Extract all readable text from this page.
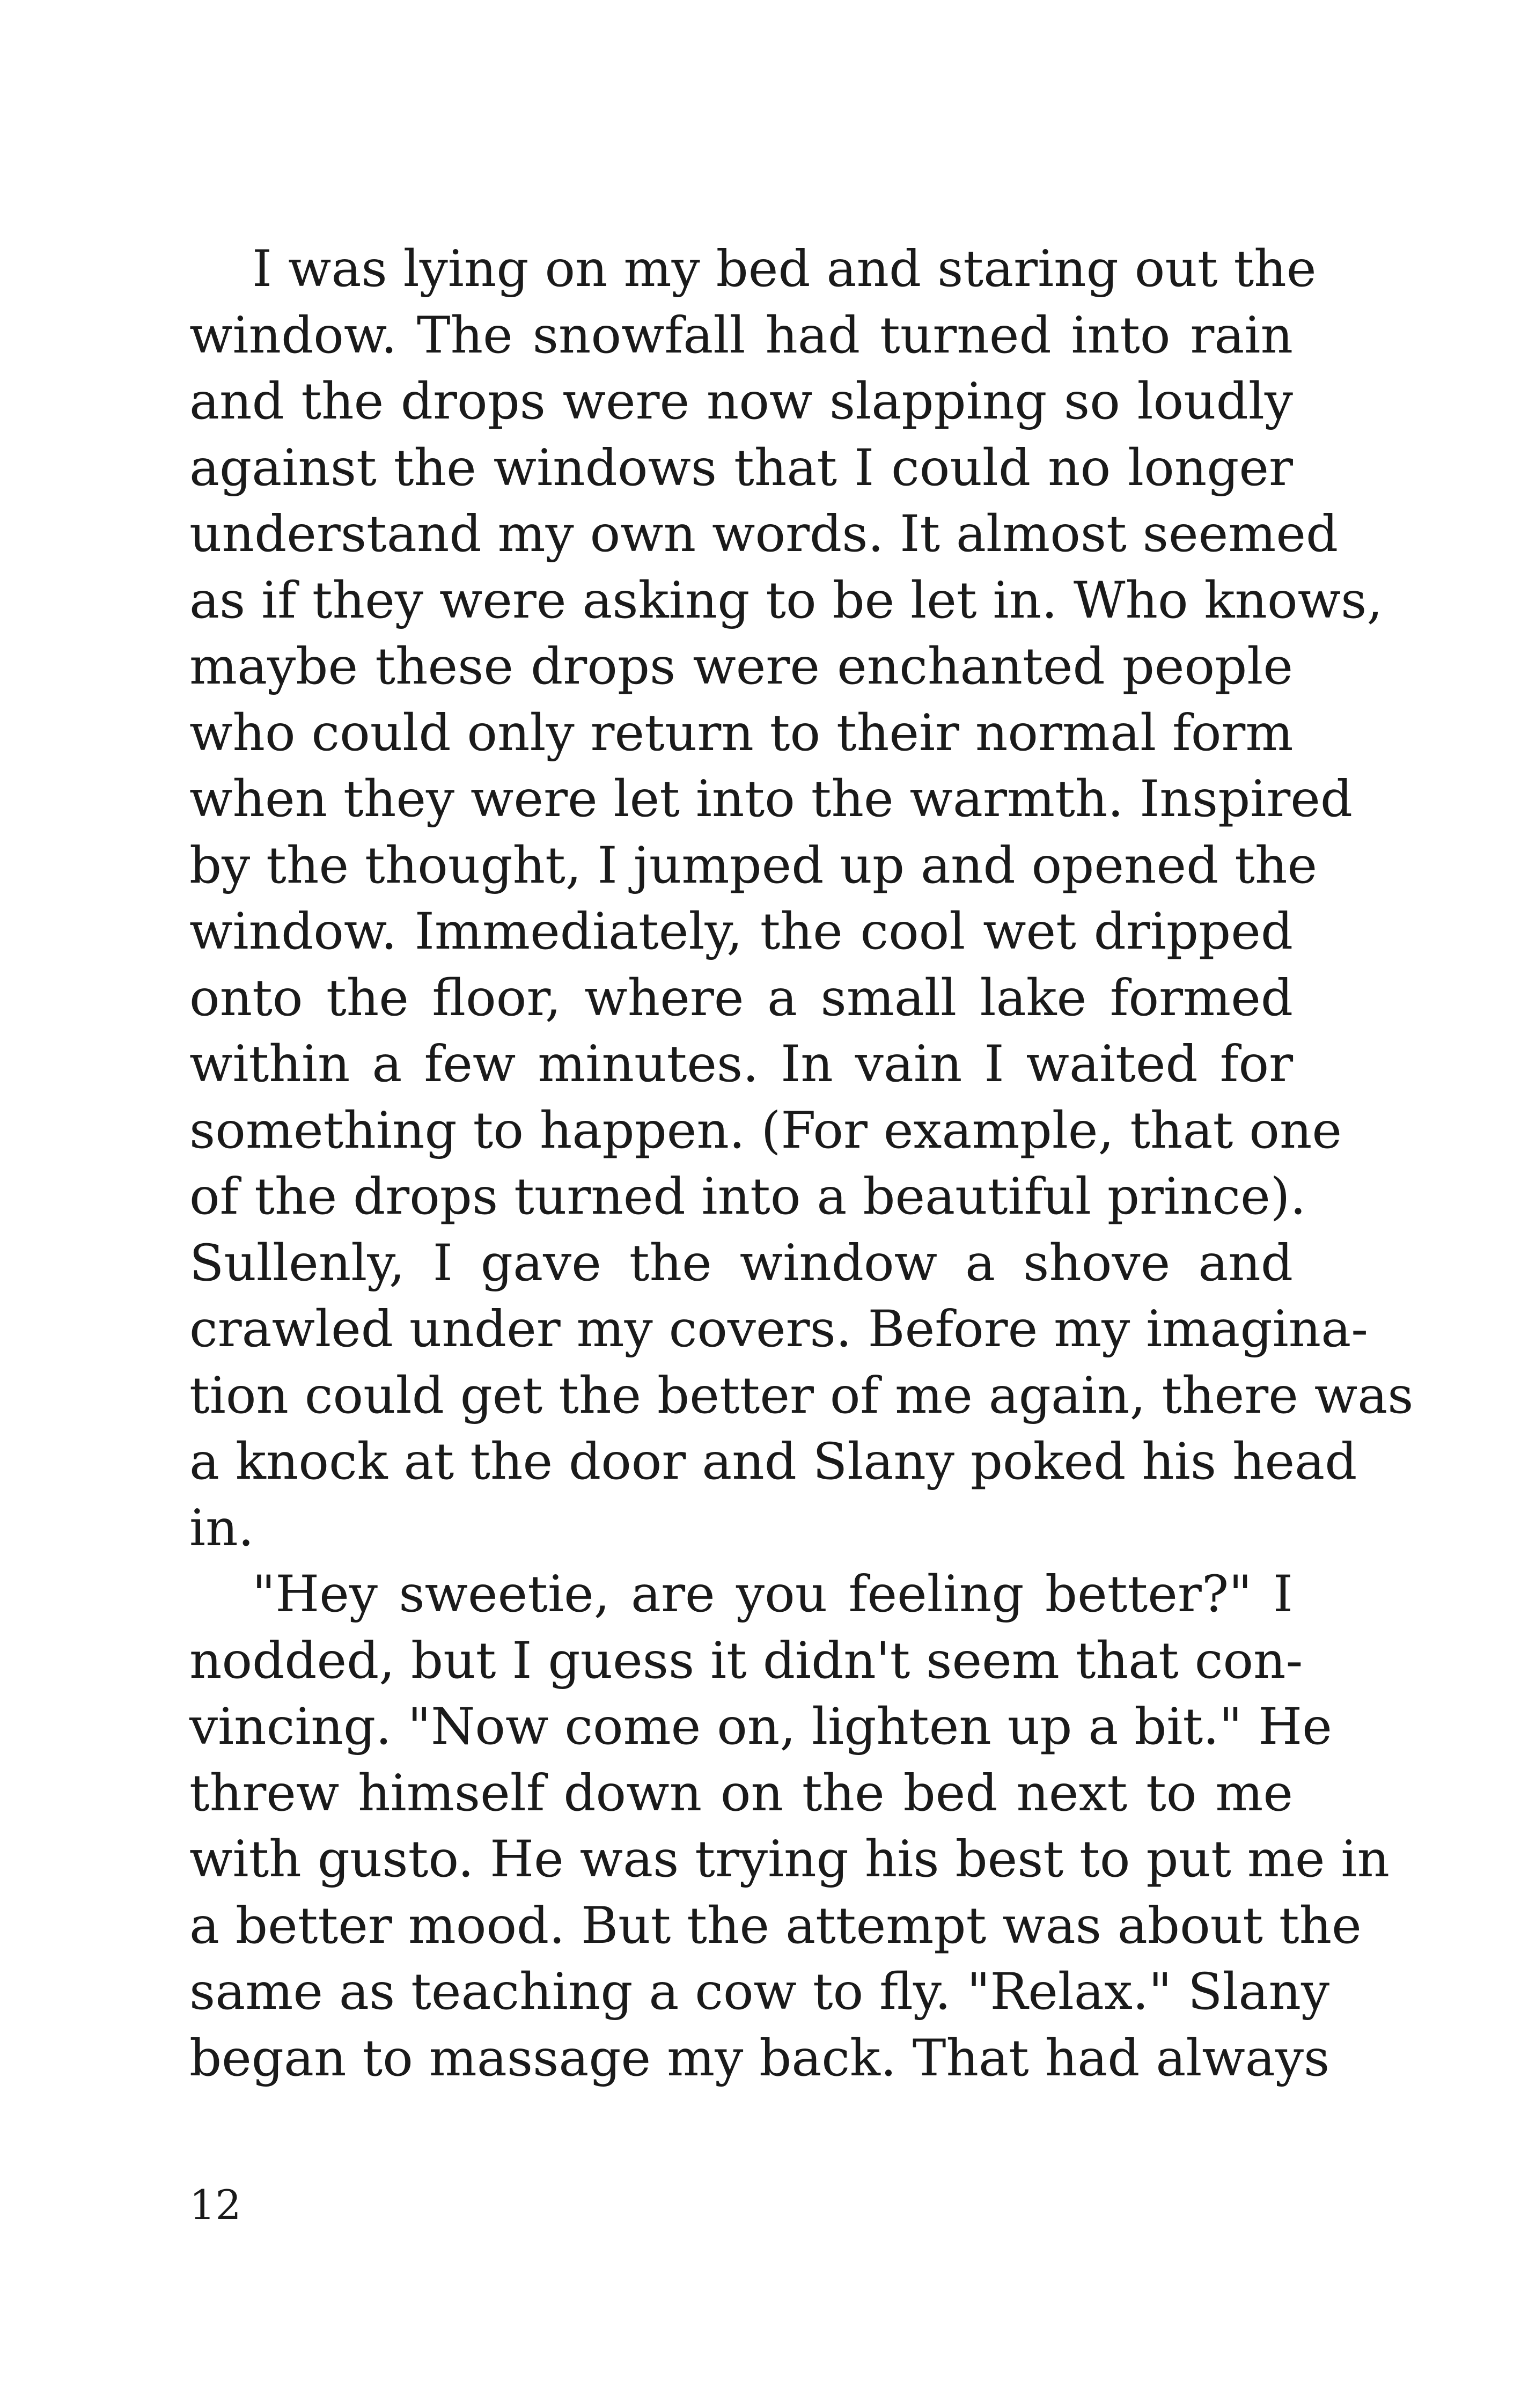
I was lying on my bed and staring out the
window. The snowfall had turned into rain
and the drops were now slapping so loudly
against the windows that I could no longer
understand my own words. It almost seemed
as if they were asking to be let in. Who knows,
maybe these drops were enchanted people
who could only return to their normal form
when they were let into the warmth. Inspired
by the thought, I jumped up and opened the
window. Immediately, the cool wet dripped
onto the floor, where a small lake formed
within a few minutes. In vain I waited for
something to happen. (For example, that one
of the drops turned into a beautiful prince).
Sullenly, I gave the window a shove and
crawled under my covers. Before my imagina-
tion could get the better of me again, there was
a knock at the door and Slany poked his head
in.
"Hey sweetie, are you feeling better?" I
nodded, but I guess it didn't seem that con-
vincing. "Now come on, lighten up a bit." He
threw himself down on the bed next to me
with gusto. He was trying his best to put me in
a better mood. But the attempt was about the
same as teaching a cow to fly. "Relax." Slany
began to massage my back. That had always
12
